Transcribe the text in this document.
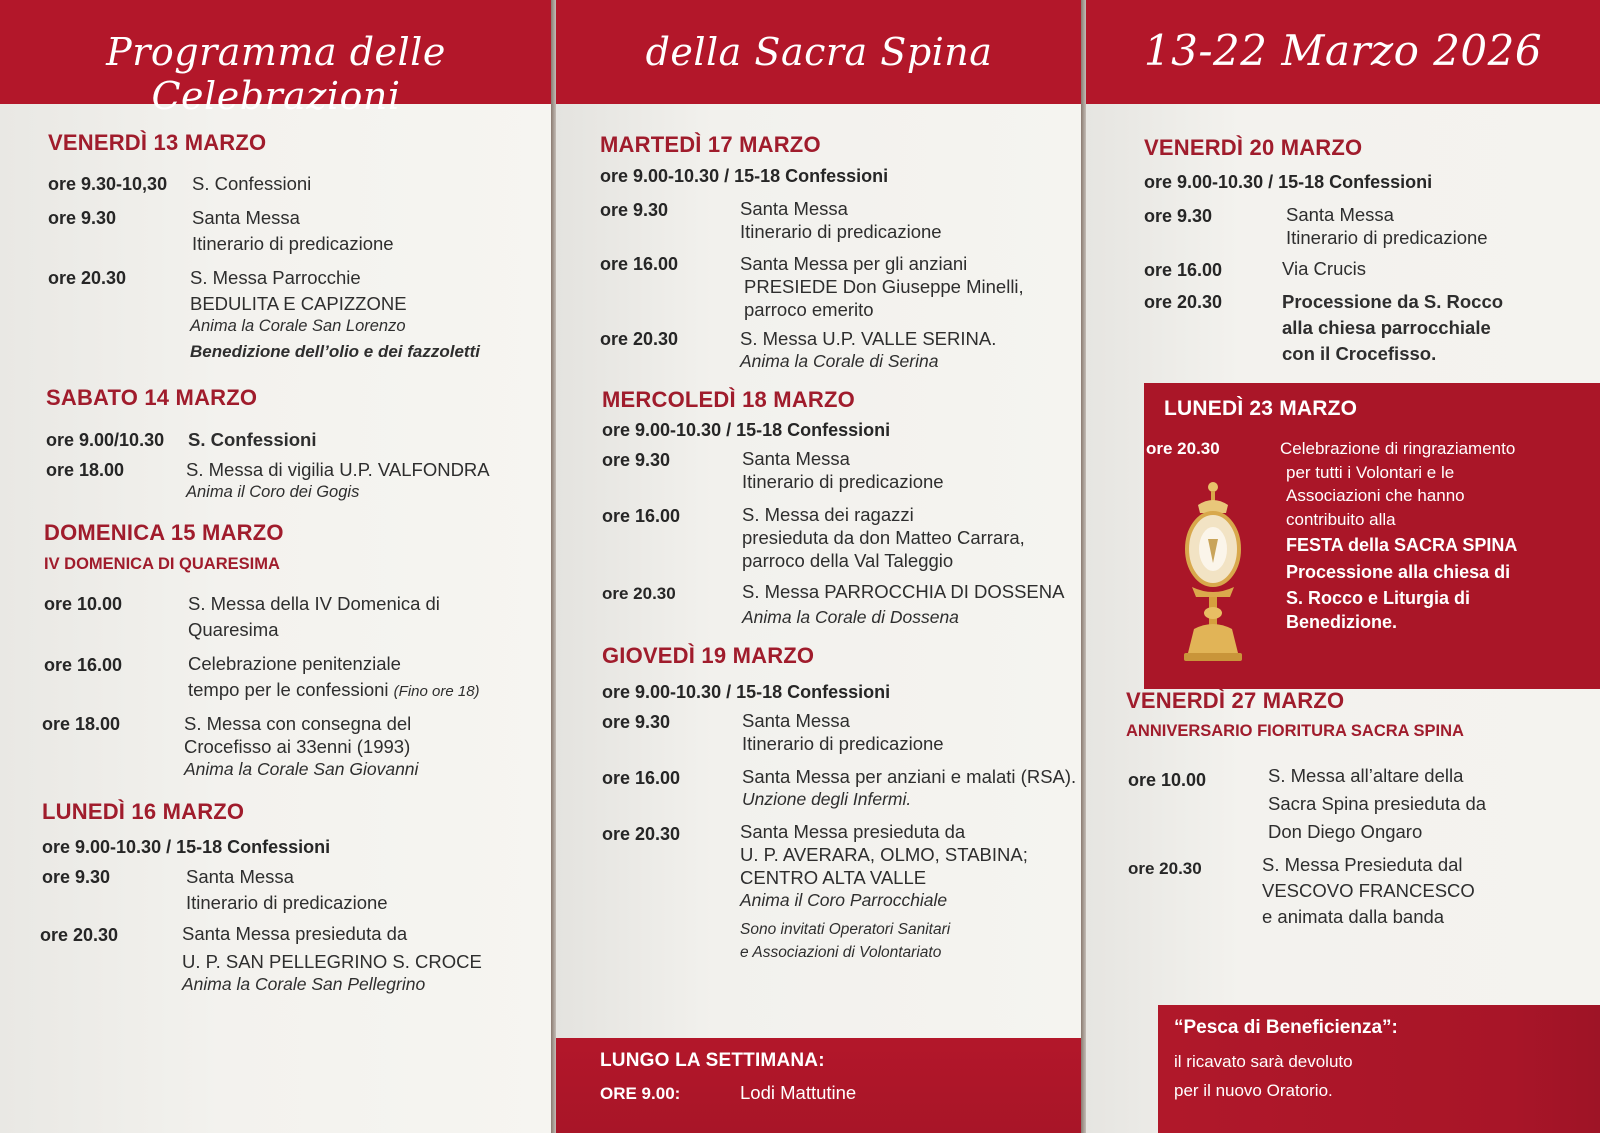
Programma delle Celebrazioni
VENERDÌ 13 MARZO
ore 9.30-10,30 S. Confessioni
ore 9.30	Santa Messa
Itinerario di predicazione
ore 20.30	S. Messa Parrocchie
BEDULITA E CAPIZZONE
Anima la Corale San Lorenzo
Benedizione dell’olio e dei fazzoletti
SABATO 14 MARZO
ore 9.00/10.30 S. Confessioni
ore 18.00	S. Messa di vigilia U.P. VALFONDRA
Anima il Coro dei Gogis
DOMENICA 15 MARZO
IV DOMENICA DI QUARESIMA
ore 10.00	S. Messa della IV Domenica di
Quaresima
ore 16.00	Celebrazione penitenziale
tempo per le confessioni (Fino ore 18)
ore 18.00	S. Messa con consegna del
Crocefisso ai 33enni (1993)
Anima la Corale San Giovanni
LUNEDÌ 16 MARZO
ore 9.00-10.30 / 15-18 Confessioni
ore 9.30	Santa Messa
Itinerario di predicazione
ore 20.30	Santa Messa presieduta da
U. P. SAN PELLEGRINO S. CROCE
Anima la Corale San Pellegrino
della Sacra Spina
MARTEDÌ 17 MARZO
ore 9.00-10.30 / 15-18 Confessioni
ore 9.30	Santa Messa
Itinerario di predicazione
ore 16.00	Santa Messa per gli anziani
PRESIEDE Don Giuseppe Minelli,
parroco emerito
ore 20.30	S. Messa U.P. VALLE SERINA.
Anima la Corale di Serina
MERCOLEDÌ 18 MARZO
ore 9.00-10.30 / 15-18 Confessioni
ore 9.30	Santa Messa
Itinerario di predicazione
ore 16.00	S. Messa dei ragazzi
presieduta da don Matteo Carrara,
parroco della Val Taleggio
ore 20.30	S. Messa PARROCCHIA DI DOSSENA
Anima la Corale di Dossena
GIOVEDÌ 19 MARZO
ore 9.00-10.30 / 15-18 Confessioni
ore 9.30	Santa Messa
Itinerario di predicazione
ore 16.00	Santa Messa per anziani e malati (RSA).
Unzione degli Infermi.
ore 20.30	Santa Messa presieduta da
U. P. AVERARA, OLMO, STABINA;
CENTRO ALTA VALLE
Anima il Coro Parrocchiale
Sono invitati Operatori Sanitari
e Associazioni di Volontariato
LUNGO LA SETTIMANA:
ORE 9.00:	Lodi Mattutine
13-22 Marzo 2026
VENERDÌ 20 MARZO
ore 9.00-10.30 / 15-18 Confessioni
ore 9.30	Santa Messa
Itinerario di predicazione
ore 16.00	Via Crucis
ore 20.30	Processione da S. Rocco
alla chiesa parrocchiale
con il Crocefisso.
LUNEDÌ 23 MARZO
ore 20.30	Celebrazione di ringraziamento
per tutti i Volontari e le
Associazioni che hanno
contribuito alla
FESTA della SACRA SPINA
Processione alla chiesa di
S. Rocco e Liturgia di
Benedizione.
VENERDÌ 27 MARZO
ANNIVERSARIO FIORITURA SACRA SPINA
ore 10.00	S. Messa all’altare della
Sacra Spina presieduta da
Don Diego Ongaro
ore 20.30	S. Messa Presieduta dal
VESCOVO FRANCESCO
e animata dalla banda
“Pesca di Beneficienza”:
il ricavato sarà devoluto
per il nuovo Oratorio.
